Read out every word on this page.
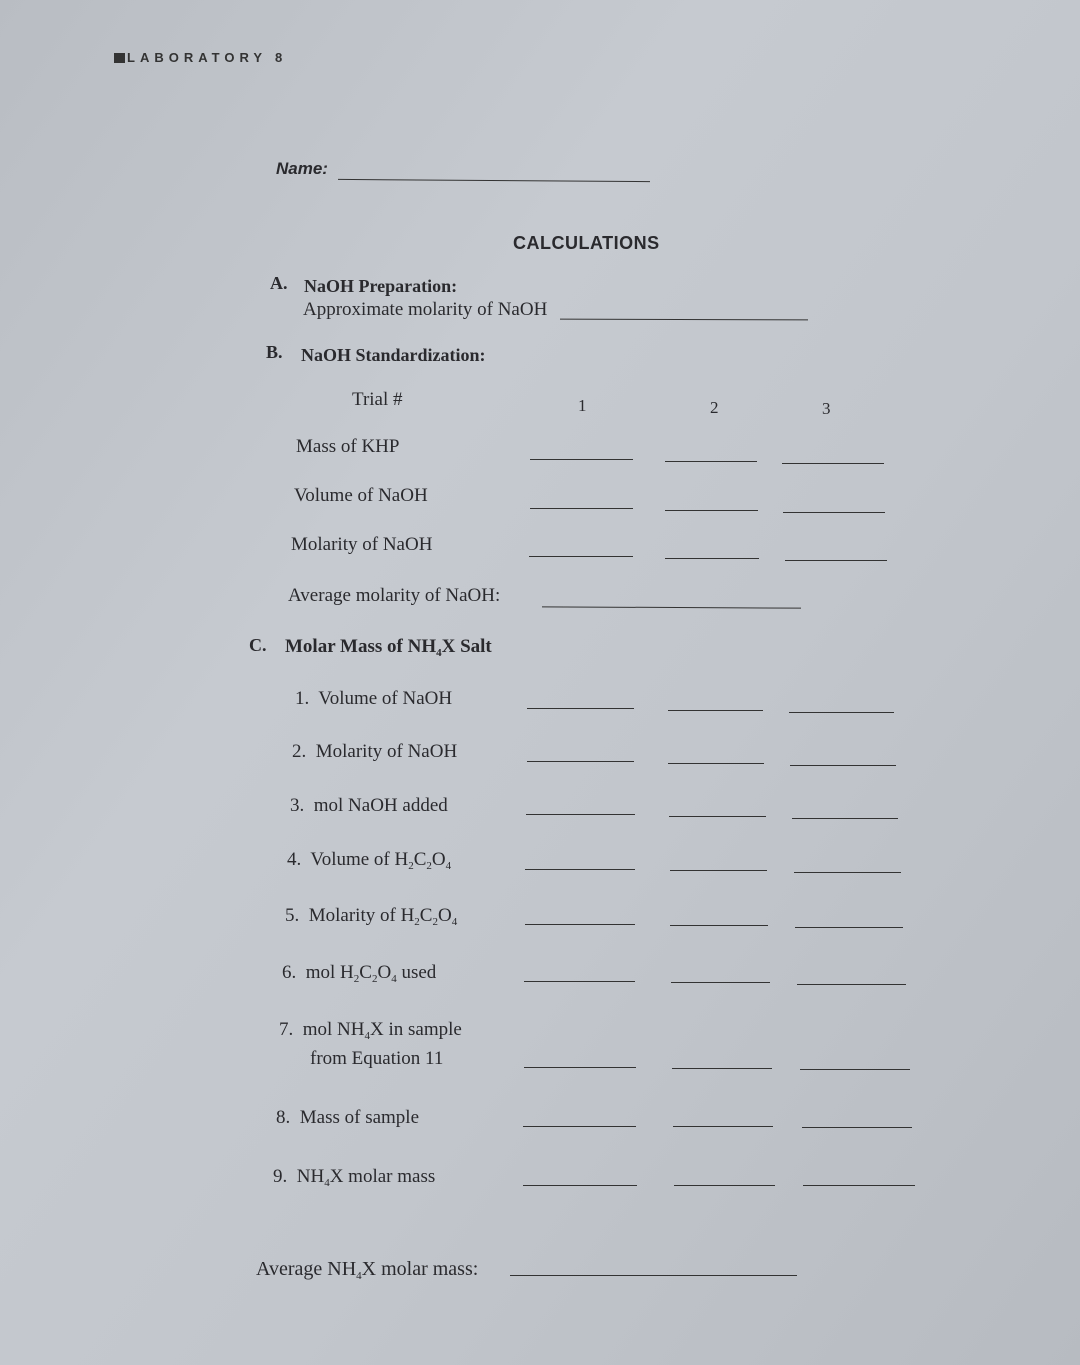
LABORATORY 8
Name:
CALCULATIONS
A. NaOH Preparation:
Approximate molarity of NaOH
B. NaOH Standardization:
Trial #	1	2	3
Mass of KHP
Volume of NaOH
Molarity of NaOH
Average molarity of NaOH:
C. Molar Mass of $NH_4X$ Salt
1. Volume of NaOH
2. Molarity of NaOH
3. mol NaOH added
4. Volume of $H_2C_2O_4$
5. Molarity of $H_2C_2O_4$
6. mol $H_2C_2O_4$ used
7. mol $NH_4X$ in sample
from Equation 11
8. Mass of sample
9. $NH_4X$ molar mass
Average $NH_4X$ molar mass:
